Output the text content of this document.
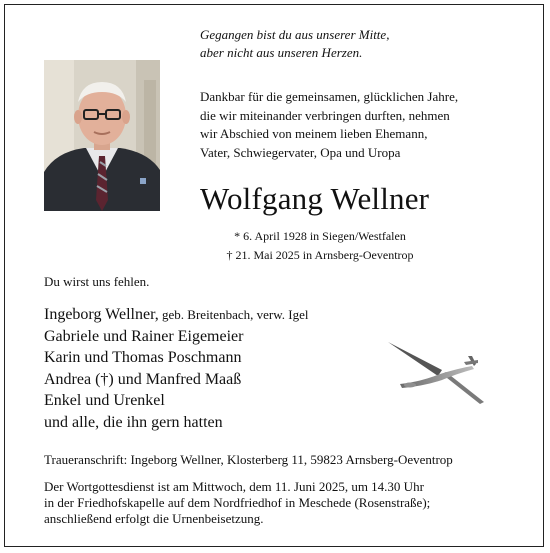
Gegangen bist du aus unserer Mitte,
aber nicht aus unseren Herzen.
Dankbar für die gemeinsamen, glücklichen Jahre,
die wir miteinander verbringen durften, nehmen
wir Abschied von meinem lieben Ehemann,
Vater, Schwiegervater, Opa und Uropa
Wolfgang Wellner
* 6. April 1928 in Siegen/Westfalen
† 21. Mai 2025 in Arnsberg-Oeventrop
Du wirst uns fehlen.
Ingeborg Wellner, geb. Breitenbach, verw. Igel
Gabriele und Rainer Eigemeier
Karin und Thomas Poschmann
Andrea (†) und Manfred Maaß
Enkel und Urenkel
und alle, die ihn gern hatten
Traueranschrift: Ingeborg Wellner, Klosterberg 11, 59823 Arnsberg-Oeventrop
Der Wortgottesdienst ist am Mittwoch, dem 11. Juni 2025, um 14.30 Uhr
in der Friedhofskapelle auf dem Nordfriedhof in Meschede (Rosenstraße);
anschließend erfolgt die Urnenbeisetzung.
